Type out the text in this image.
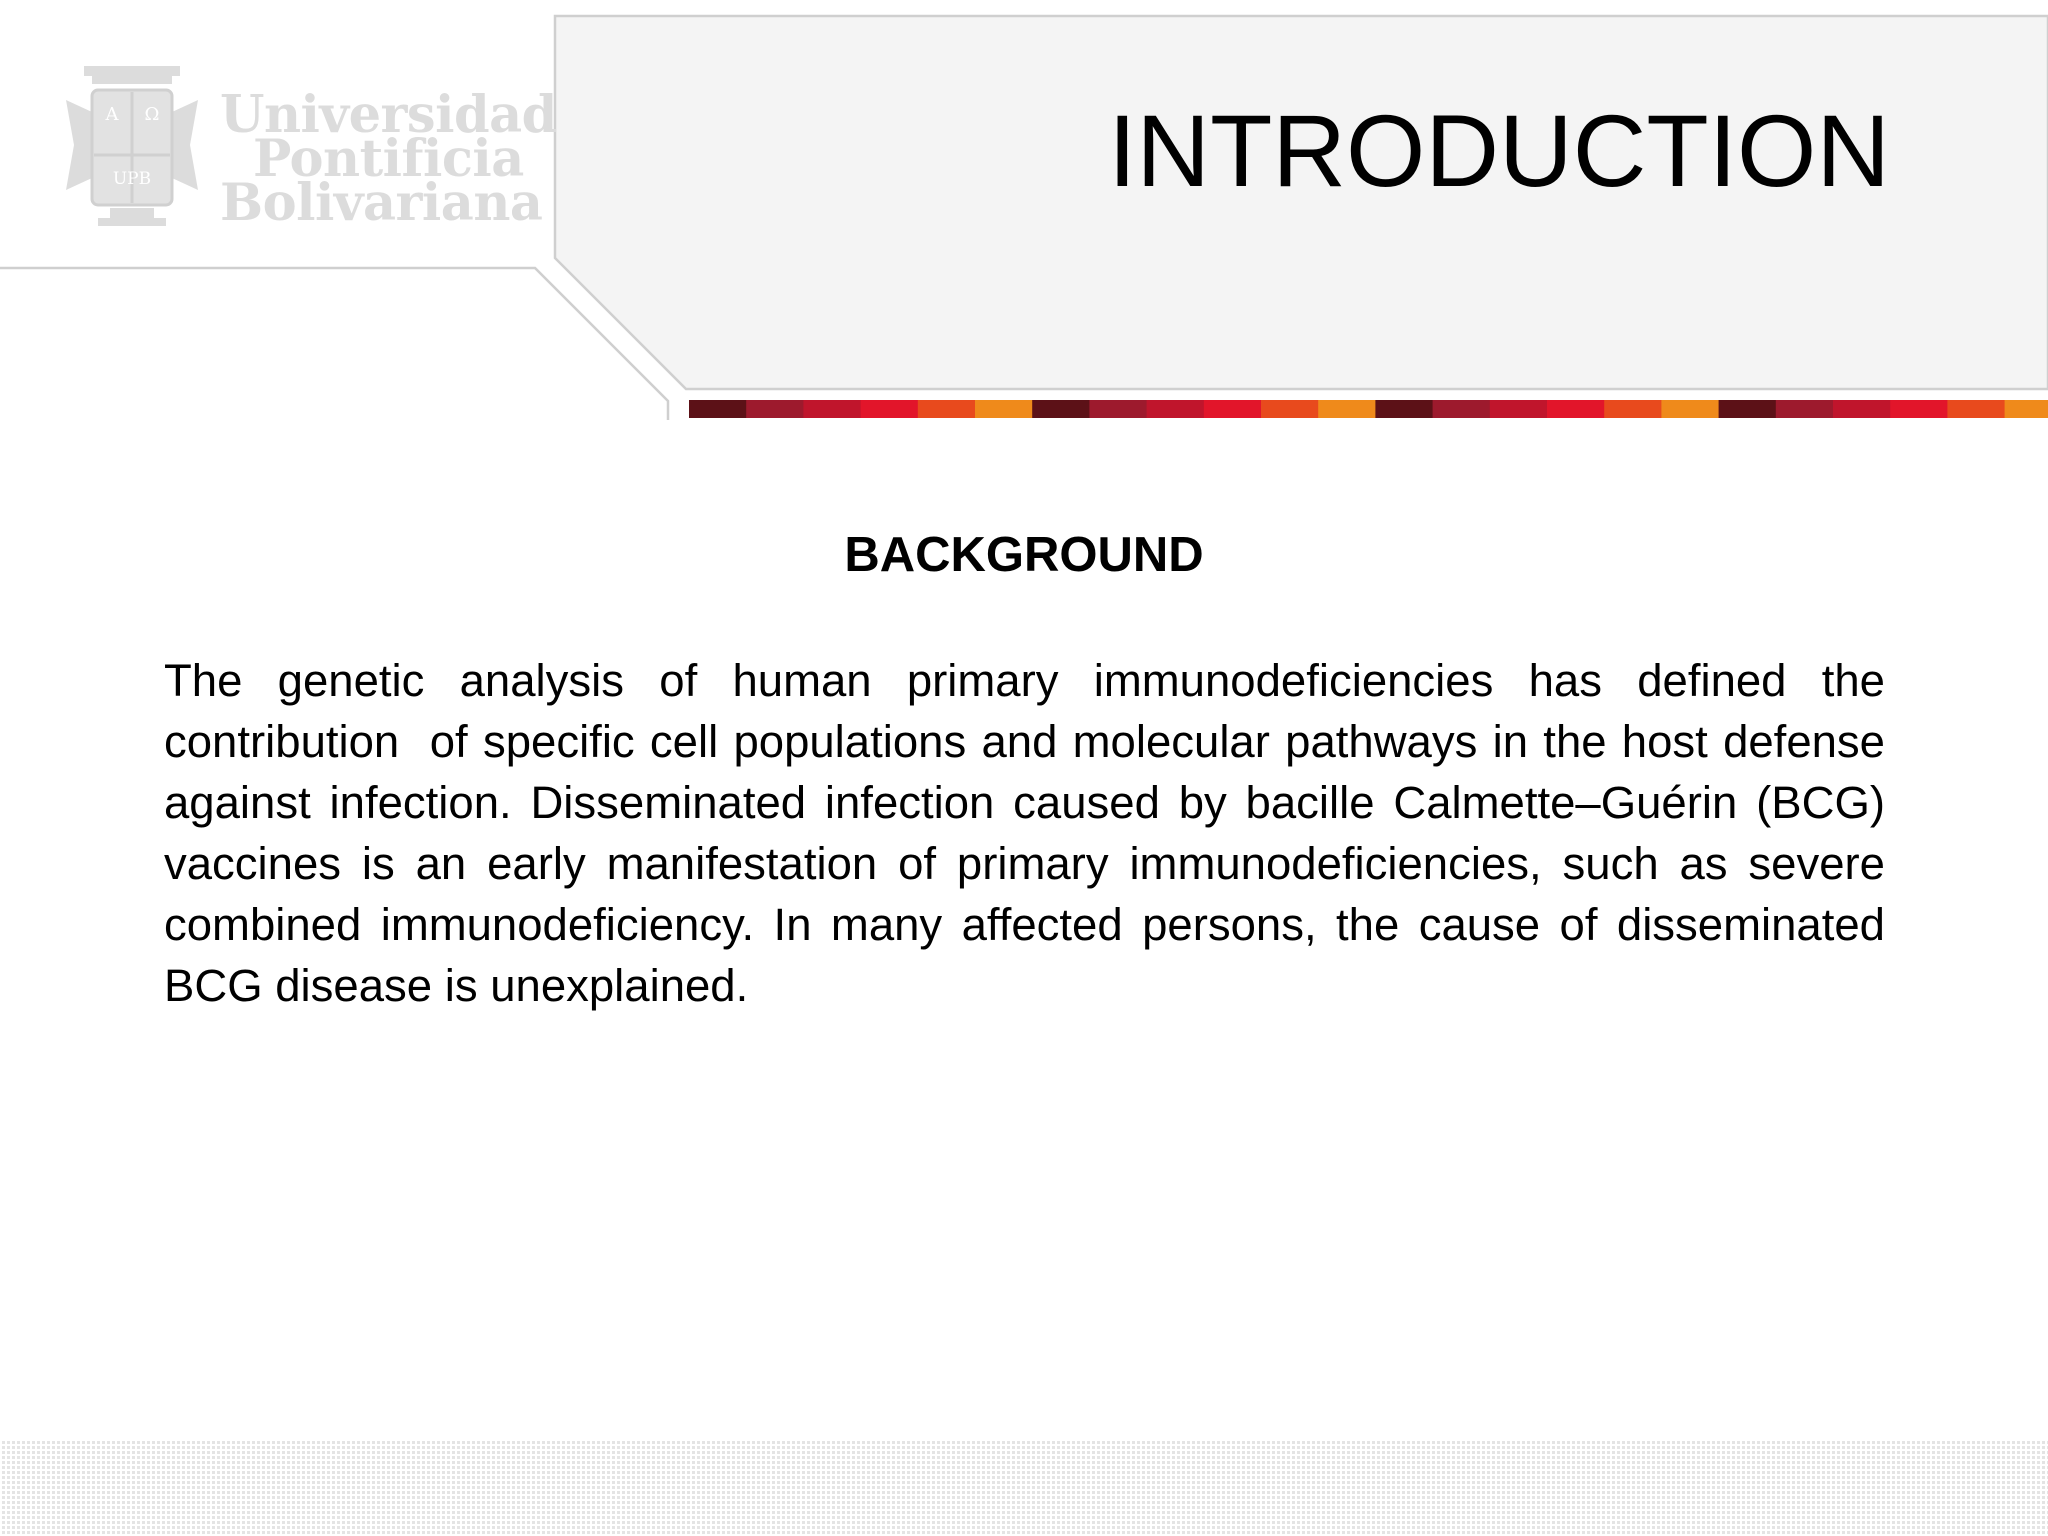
A Ω
UPB
Universidad
Pontificia
Bolivariana	INTRODUCTION
BACKGROUND

The genetic analysis of human primary immunodeficiencies has defined the contribution  of specific cell populations and molecular pathways in the host defense   against infection. Disseminated infection caused by bacille Calmette–Guérin (BCG)  vaccines is an early manifestation of primary immunodeficiencies, such as severe  combined immunodeficiency. In many affected persons, the cause of disseminated  BCG disease is unexplained.
